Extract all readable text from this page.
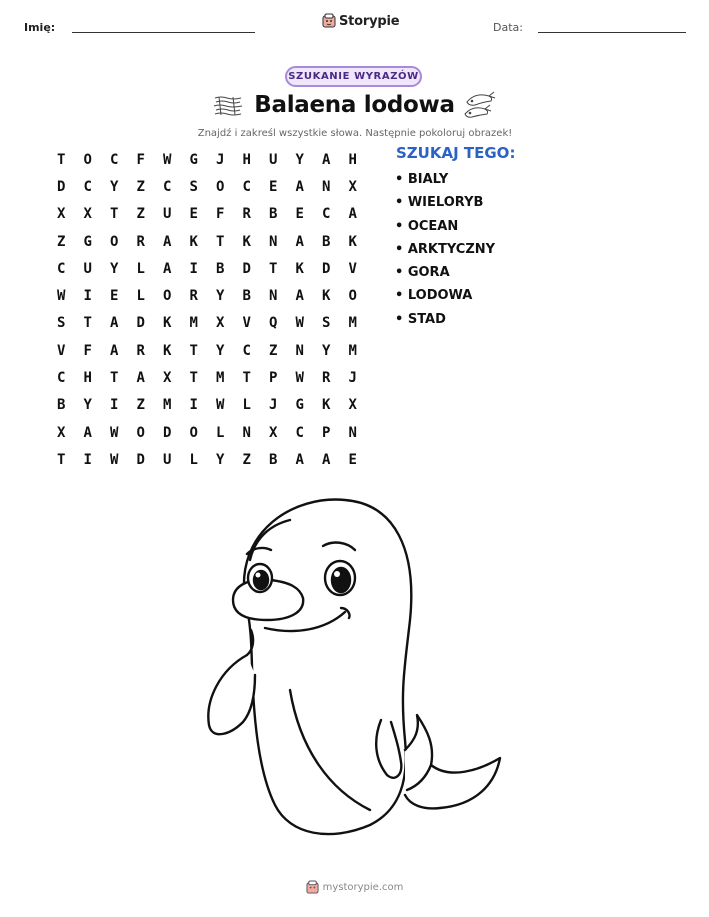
Imię:	Storypie	Data:
SZUKANIE WYRAZÓW
Balaena lodowa
Znajdź i zakreśl wszystkie słowa. Następnie pokoloruj obrazek!
T	O	C	F	W	G	J	H	U	Y	A	H
D	C	Y	Z	C	S	O	C	E	A	N	X
X	X	T	Z	U	E	F	R	B	E	C	A
Z	G	O	R	A	K	T	K	N	A	B	K
C	U	Y	L	A	I	B	D	T	K	D	V
W	I	E	L	O	R	Y	B	N	A	K	O
S	T	A	D	K	M	X	V	Q	W	S	M
V	F	A	R	K	T	Y	C	Z	N	Y	M
C	H	T	A	X	T	M	T	P	W	R	J
B	Y	I	Z	M	I	W	L	J	G	K	X
X	A	W	O	D	O	L	N	X	C	P	N
T	I	W	D	U	L	Y	Z	B	A	A	E
SZUKAJ TEGO:
• BIALY
• WIELORYB
• OCEAN
• ARKTYCZNY
• GORA
• LODOWA
• STAD
mystorypie.com
